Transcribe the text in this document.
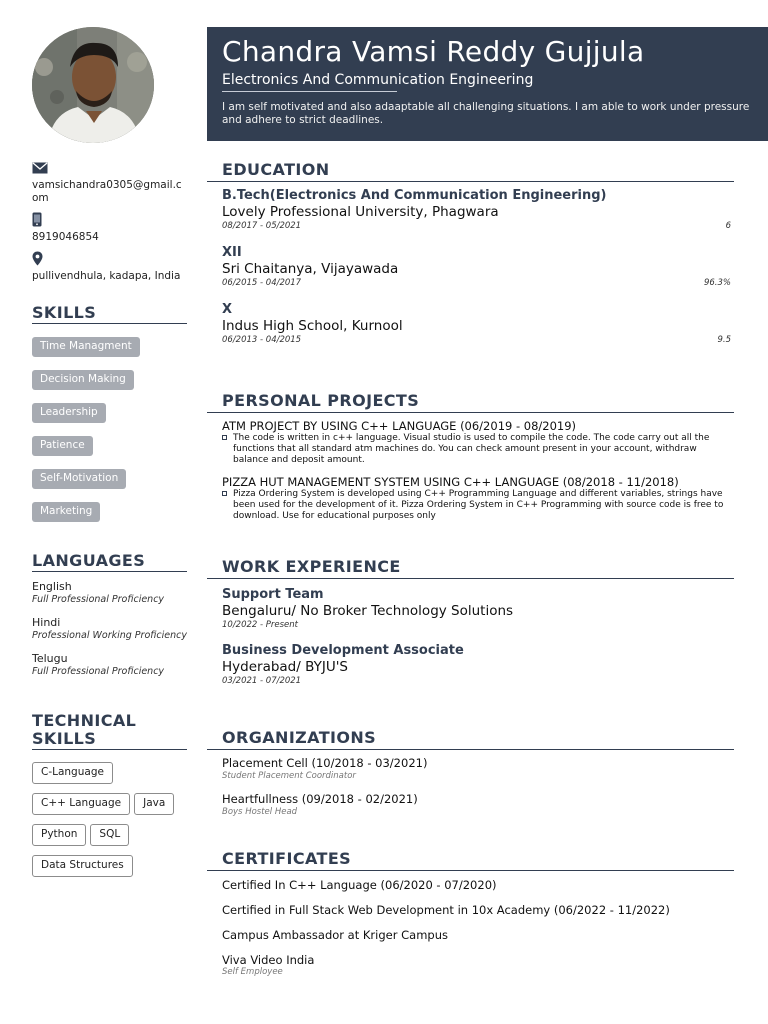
Chandra Vamsi Reddy Gujjula
Electronics And Communication Engineering
I am self motivated and also adaaptable all challenging situations. I am able to work under pressure and adhere to strict deadlines.
vamsichandra0305@gmail.com
8919046854
pullivendhula, kadapa, India
SKILLS
Time Managment
Decision Making
Leadership
Patience
Self-Motivation
Marketing
LANGUAGES
English
Full Professional Proficiency
Hindi
Professional Working Proficiency
Telugu
Full Professional Proficiency
TECHNICAL
SKILLS
C-Language
C++ Language Java
Python SQL
Data Structures
EDUCATION
B.Tech(Electronics And Communication Engineering)
Lovely Professional University, Phagwara
08/2017 - 05/2021	6
XII
Sri Chaitanya, Vijayawada
06/2015 - 04/2017	96.3%
X
Indus High School, Kurnool
06/2013 - 04/2015	9.5
PERSONAL PROJECTS
ATM PROJECT BY USING C++ LANGUAGE (06/2019 - 08/2019)
The code is written in c++ language. Visual studio is used to compile the code. The code carry out all the functions that all standard atm machines do. You can check amount present in your account, withdraw balance and deposit amount.
PIZZA HUT MANAGEMENT SYSTEM USING C++ LANGUAGE (08/2018 - 11/2018)
Pizza Ordering System is developed using C++ Programming Language and different variables, strings have been used for the development of it. Pizza Ordering System in C++ Programming with source code is free to download. Use for educational purposes only
WORK EXPERIENCE
Support Team
Bengaluru/ No Broker Technology Solutions
10/2022 - Present
Business Development Associate
Hyderabad/ BYJU'S
03/2021 - 07/2021
ORGANIZATIONS
Placement Cell (10/2018 - 03/2021)
Student Placement Coordinator
Heartfullness (09/2018 - 02/2021)
Boys Hostel Head
CERTIFICATES
Certified In C++ Language (06/2020 - 07/2020)
Certified in Full Stack Web Development in 10x Academy (06/2022 - 11/2022)
Campus Ambassador at Kriger Campus
Viva Video India
Self Employee
